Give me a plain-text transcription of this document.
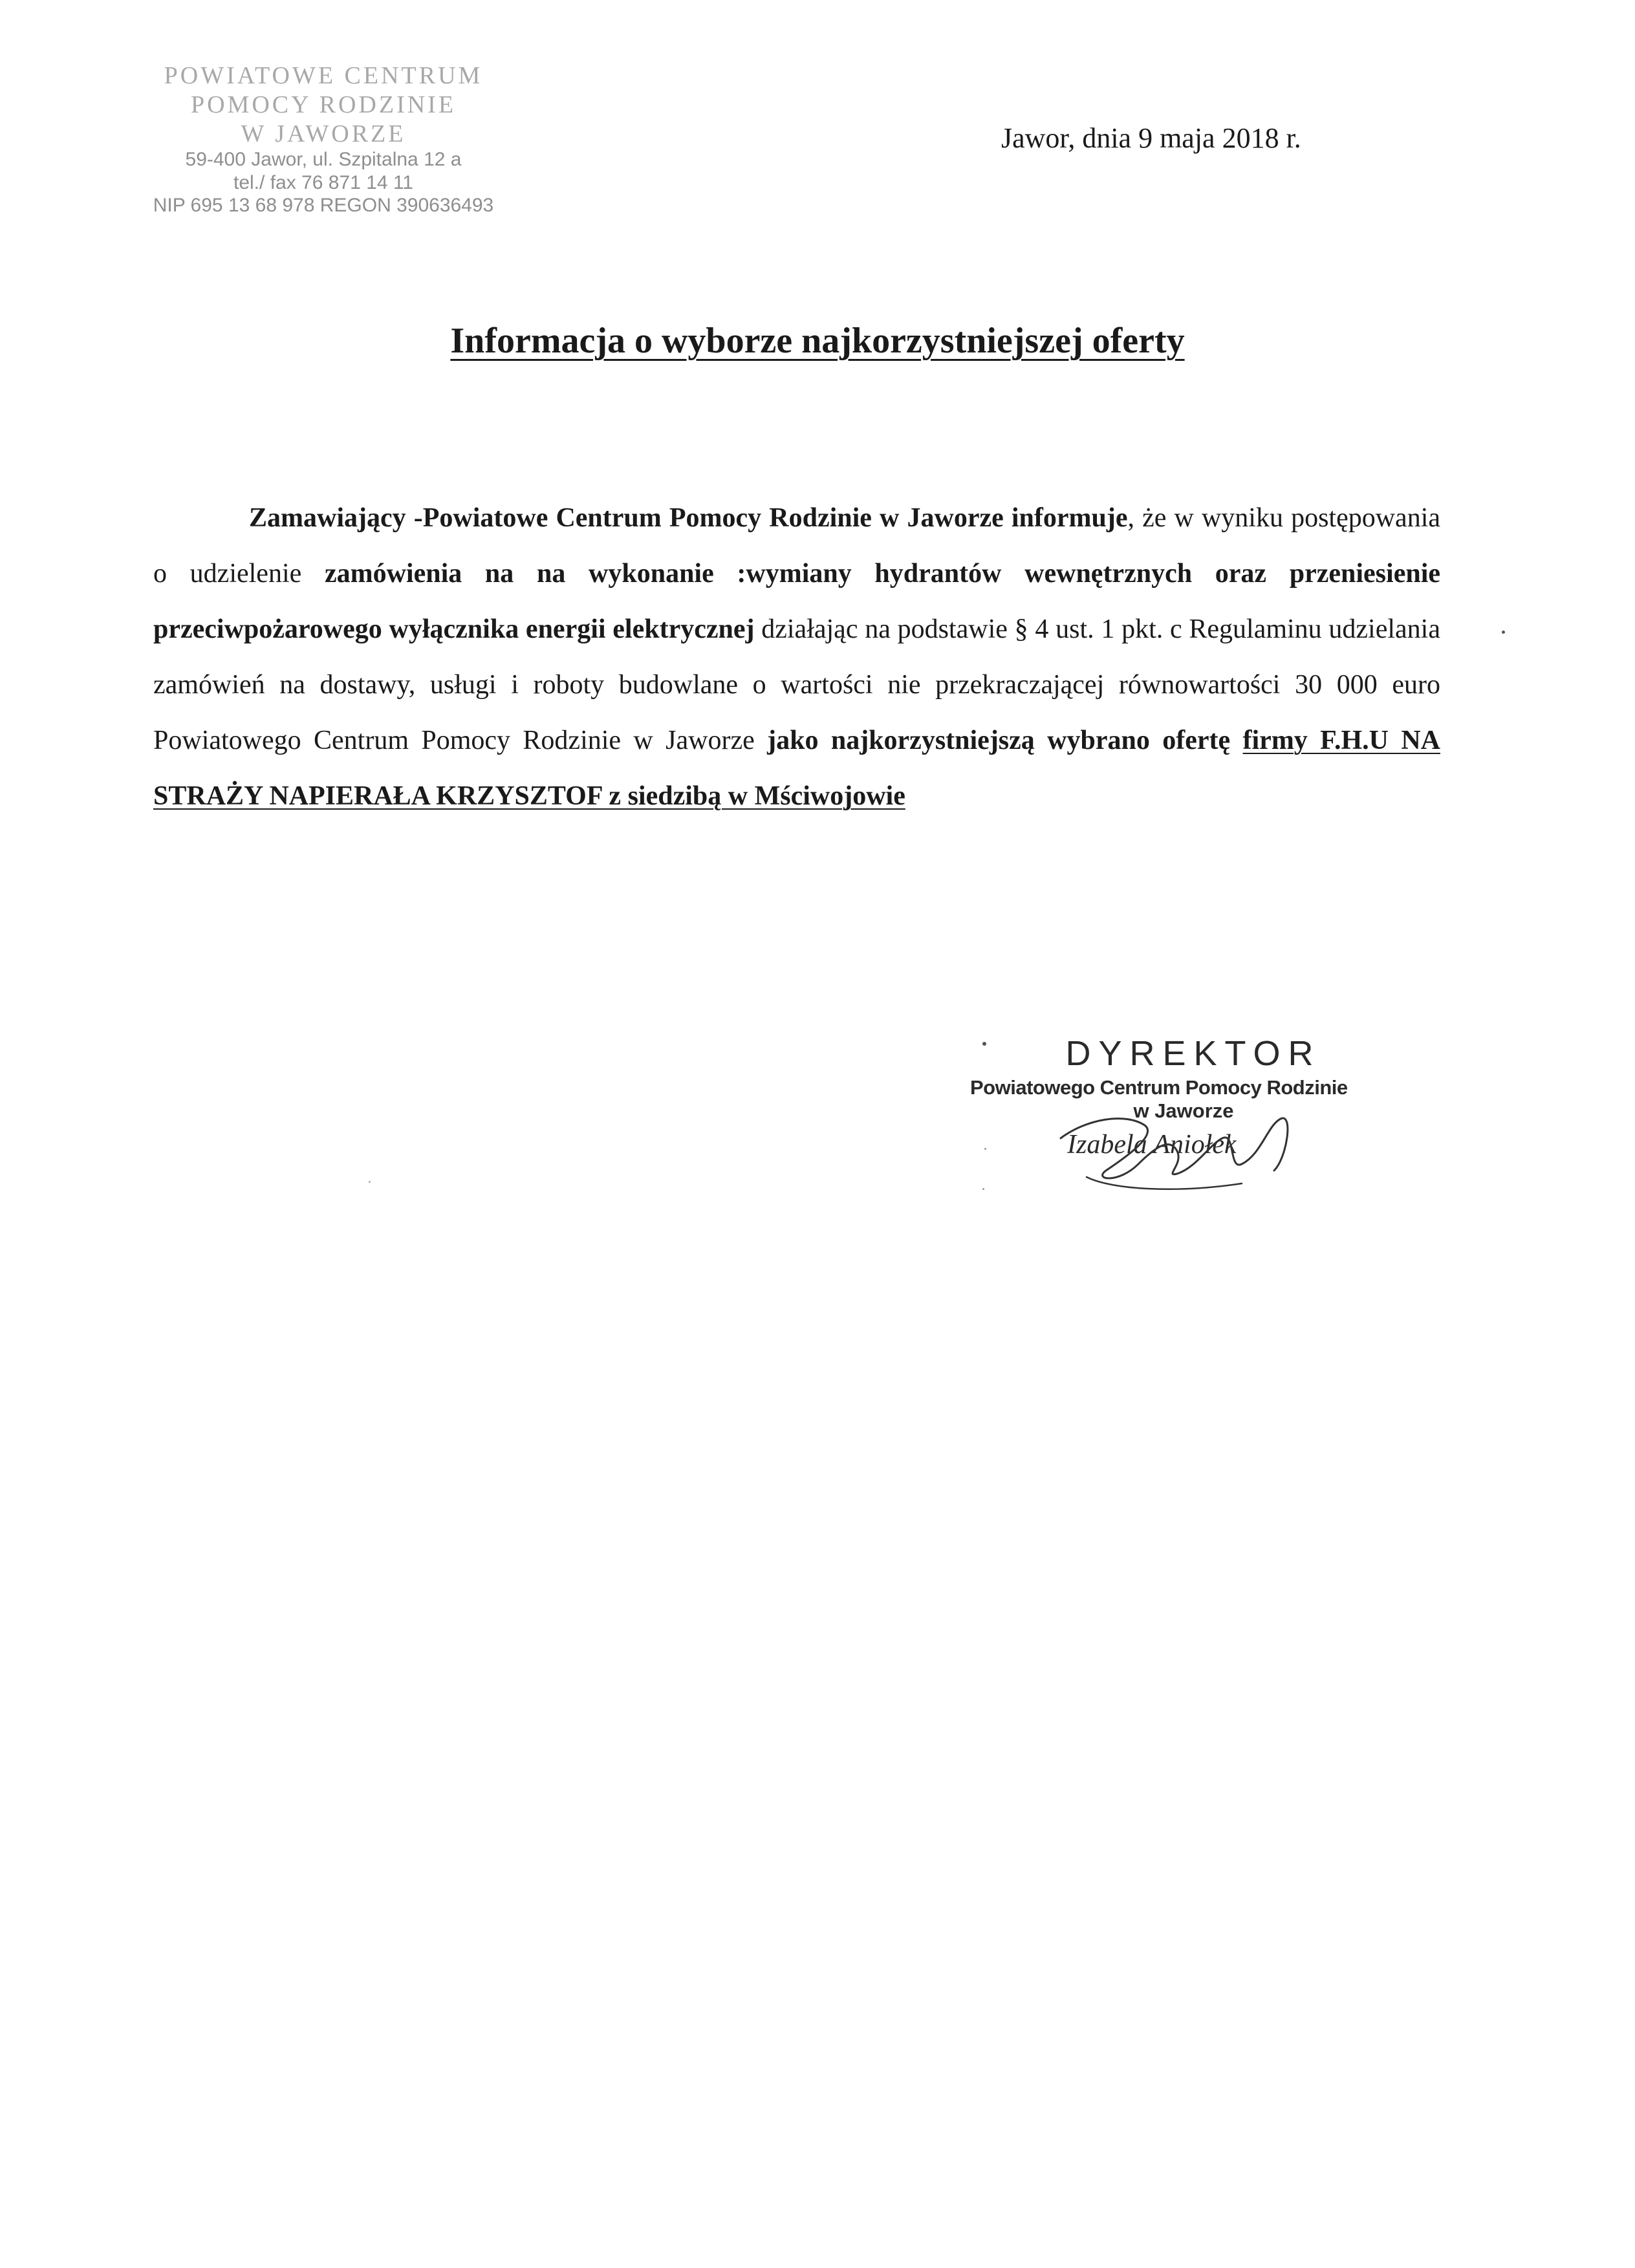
POWIATOWE CENTRUM
POMOCY RODZINIE
W JAWORZE
59-400 Jawor, ul. Szpitalna 12 a
tel./ fax 76 871 14 11
NIP 695 13 68 978 REGON 390636493
Jawor, dnia 9 maja 2018 r.
Informacja o wyborze najkorzystniejszej oferty

Zamawiający -Powiatowe Centrum Pomocy Rodzinie w Jaworze informuje, że w wyniku postępowania o udzielenie zamówienia na na wykonanie :wymiany hydrantów wewnętrznych oraz przeniesienie przeciwpożarowego wyłącznika energii elektrycznej działając na podstawie § 4 ust. 1 pkt. c Regulaminu udzielania zamówień na dostawy, usługi i roboty budowlane o wartości nie przekraczającej równowartości 30 000 euro Powiatowego Centrum Pomocy Rodzinie w Jaworze jako najkorzystniejszą wybrano ofertę firmy F.H.U NA STRAŻY NAPIERAŁA KRZYSZTOF z siedzibą w Mściwojowie

DYREKTOR
Powiatowego Centrum Pomocy Rodzinie
w Jaworze
Izabela Aniołek
